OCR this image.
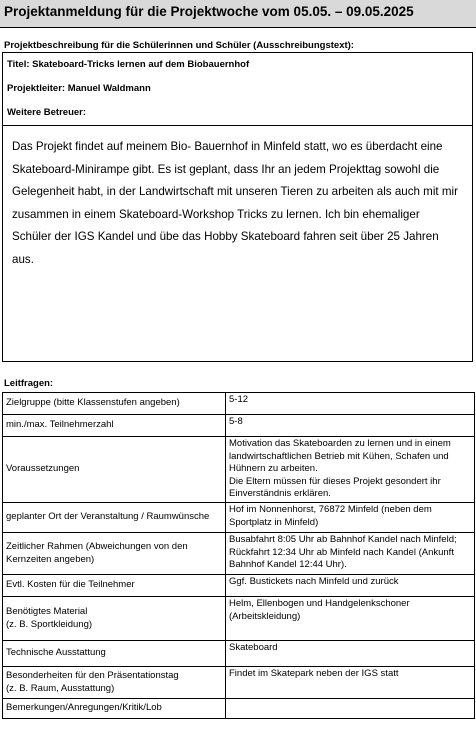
Projektanmeldung für die Projektwoche vom 05.05. – 09.05.2025
Projektbeschreibung für die Schülerinnen und Schüler (Ausschreibungstext):
Titel: Skateboard-Tricks lernen auf dem Biobauernhof
Projektleiter: Manuel Waldmann
Weitere Betreuer:
Das Projekt findet auf meinem Bio- Bauernhof in Minfeld statt, wo es überdacht eine Skateboard-Minirampe gibt. Es ist geplant, dass Ihr an jedem Projekttag sowohl die Gelegenheit habt, in der Landwirtschaft mit unseren Tieren zu arbeiten als auch mit mir zusammen in einem Skateboard-Workshop Tricks zu lernen. Ich bin ehemaliger Schüler der IGS Kandel und übe das Hobby Skateboard fahren seit über 25 Jahren aus.
Leitfragen:
Zielgruppe (bitte Klassenstufen angeben)	5-12
min./max. Teilnehmerzahl	5-8
Voraussetzungen	Motivation das Skateboarden zu lernen und in einem landwirtschaftlichen Betrieb mit Kühen, Schafen und Hühnern zu arbeiten.
Die Eltern müssen für dieses Projekt gesondert ihr Einverständnis erklären.
geplanter Ort der Veranstaltung / Raumwünsche	Hof im Nonnenhorst, 76872 Minfeld (neben dem Sportplatz in Minfeld)
Zeitlicher Rahmen (Abweichungen von den Kernzeiten angeben)	Busabfahrt 8:05 Uhr ab Bahnhof Kandel nach Minfeld; Rückfahrt 12:34 Uhr ab Minfeld nach Kandel (Ankunft Bahnhof Kandel 12:44 Uhr).
Evtl. Kosten für die Teilnehmer	Ggf. Bustickets nach Minfeld und zurück
Benötigtes Material
(z. B. Sportkleidung)	Helm, Ellenbogen und Handgelenkschoner (Arbeitskleidung)
Technische Ausstattung	Skateboard
Besonderheiten für den Präsentationstag
(z. B. Raum, Ausstattung)	Findet im Skatepark neben der IGS statt
Bemerkungen/Anregungen/Kritik/Lob	
